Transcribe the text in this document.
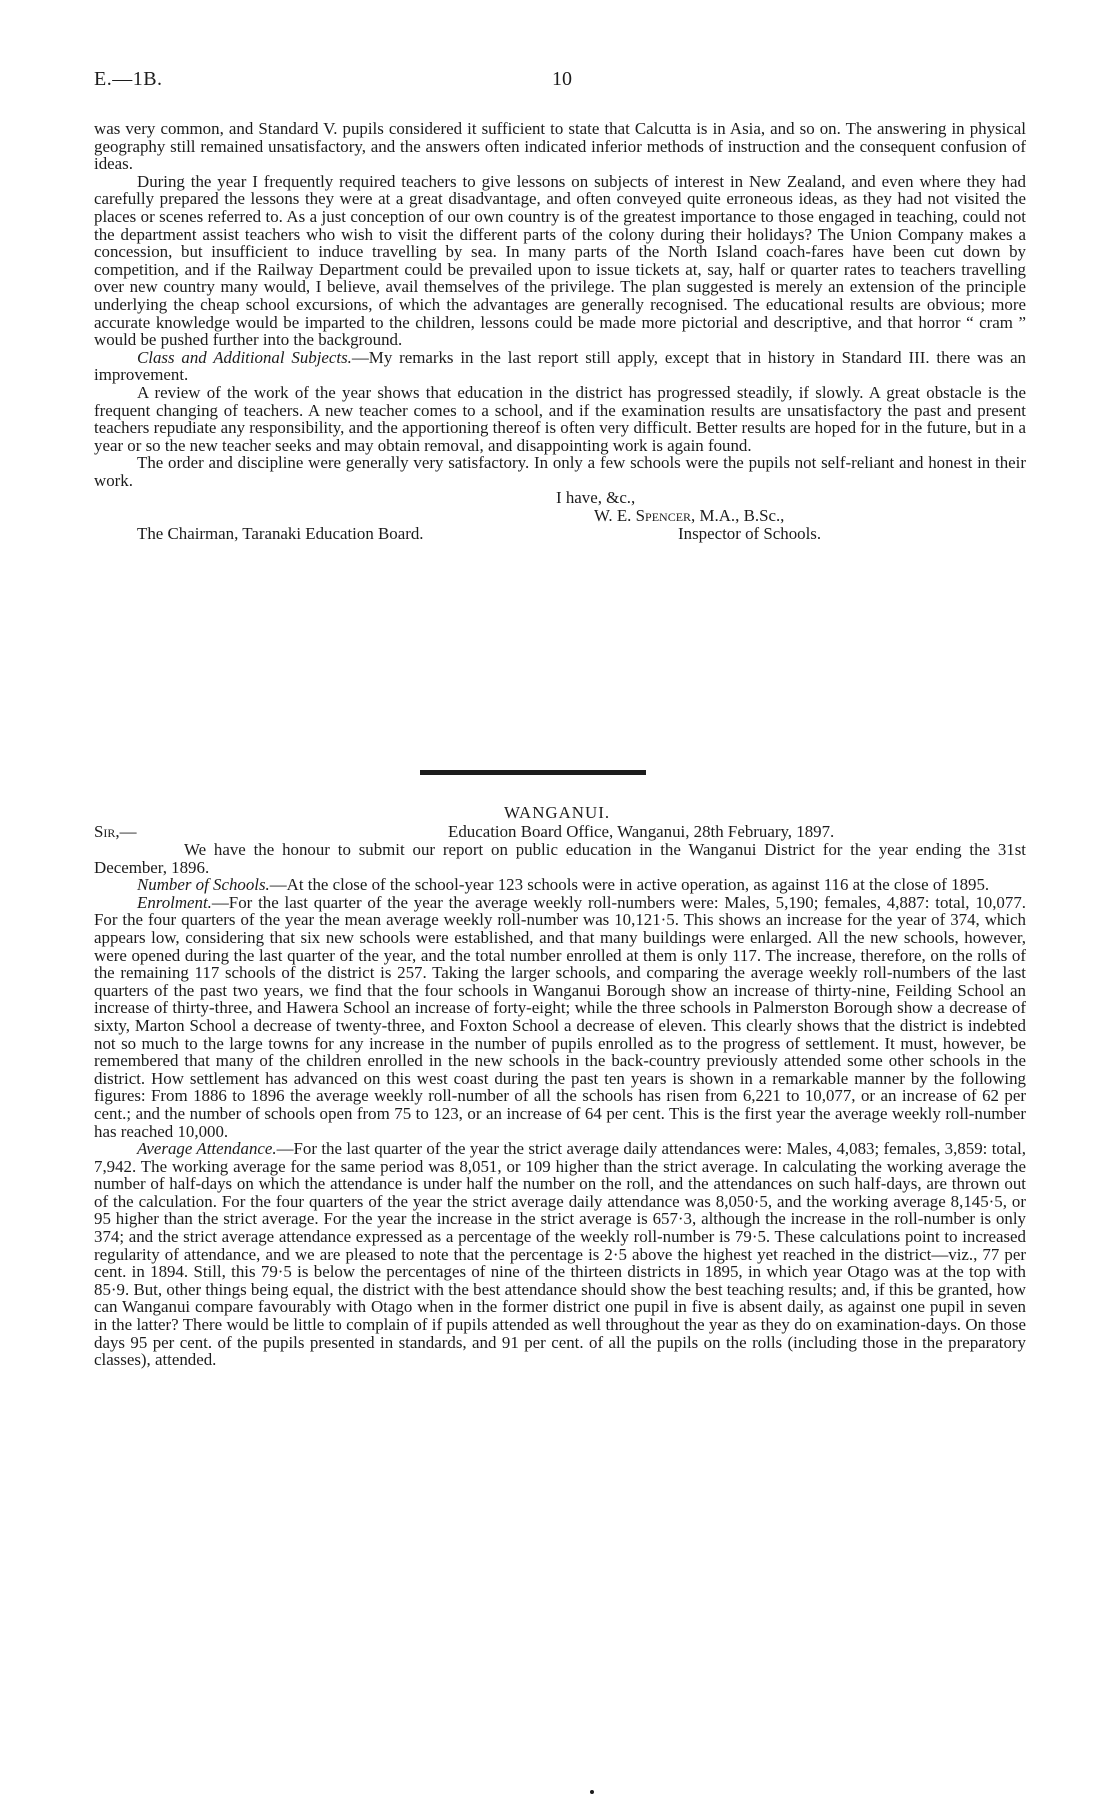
E.—1B.	10

was very common, and Standard V. pupils considered it sufficient to state that Calcutta is in Asia, and so on. The answering in physical geography still remained unsatisfactory, and the answers often indicated inferior methods of instruction and the consequent confusion of ideas.

During the year I frequently required teachers to give lessons on subjects of interest in New Zealand, and even where they had carefully prepared the lessons they were at a great disadvantage, and often conveyed quite erroneous ideas, as they had not visited the places or scenes referred to. As a just conception of our own country is of the greatest importance to those engaged in teaching, could not the department assist teachers who wish to visit the different parts of the colony during their holidays? The Union Company makes a concession, but insufficient to induce travelling by sea. In many parts of the North Island coach-fares have been cut down by competition, and if the Railway Department could be prevailed upon to issue tickets at, say, half or quarter rates to teachers travelling over new country many would, I believe, avail themselves of the privilege. The plan suggested is merely an extension of the principle underlying the cheap school excursions, of which the advantages are generally recognised. The educational results are obvious; more accurate knowledge would be imparted to the children, lessons could be made more pictorial and descriptive, and that horror “ cram ” would be pushed further into the background.

Class and Additional Subjects.—My remarks in the last report still apply, except that in history in Standard III. there was an improvement.

A review of the work of the year shows that education in the district has progressed steadily, if slowly. A great obstacle is the frequent changing of teachers. A new teacher comes to a school, and if the examination results are unsatisfactory the past and present teachers repudiate any responsibility, and the apportioning thereof is often very difficult. Better results are hoped for in the future, but in a year or so the new teacher seeks and may obtain removal, and disappointing work is again found.

The order and discipline were generally very satisfactory. In only a few schools were the pupils not self-reliant and honest in their work.

I have, &c.,
W. E. Spencer, M.A., B.Sc.,
The Chairman, Taranaki Education Board.	Inspector of Schools.
WANGANUI.
Sir,—	Education Board Office, Wanganui, 28th February, 1897.

We have the honour to submit our report on public education in the Wanganui District for the year ending the 31st December, 1896.

Number of Schools.—At the close of the school-year 123 schools were in active operation, as against 116 at the close of 1895.

Enrolment.—For the last quarter of the year the average weekly roll-numbers were: Males, 5,190; females, 4,887: total, 10,077. For the four quarters of the year the mean average weekly roll-number was 10,121·5. This shows an increase for the year of 374, which appears low, considering that six new schools were established, and that many buildings were enlarged. All the new schools, however, were opened during the last quarter of the year, and the total number enrolled at them is only 117. The increase, therefore, on the rolls of the remaining 117 schools of the district is 257. Taking the larger schools, and comparing the average weekly roll-numbers of the last quarters of the past two years, we find that the four schools in Wanganui Borough show an increase of thirty-nine, Feilding School an increase of thirty-three, and Hawera School an increase of forty-eight; while the three schools in Palmerston Borough show a decrease of sixty, Marton School a decrease of twenty-three, and Foxton School a decrease of eleven. This clearly shows that the district is indebted not so much to the large towns for any increase in the number of pupils enrolled as to the progress of settlement. It must, however, be remembered that many of the children enrolled in the new schools in the back-country previously attended some other schools in the district. How settlement has advanced on this west coast during the past ten years is shown in a remarkable manner by the following figures: From 1886 to 1896 the average weekly roll-number of all the schools has risen from 6,221 to 10,077, or an increase of 62 per cent.; and the number of schools open from 75 to 123, or an increase of 64 per cent. This is the first year the average weekly roll-number has reached 10,000.

Average Attendance.—For the last quarter of the year the strict average daily attendances were: Males, 4,083; females, 3,859: total, 7,942. The working average for the same period was 8,051, or 109 higher than the strict average. In calculating the working average the number of half-days on which the attendance is under half the number on the roll, and the attendances on such half-days, are thrown out of the calculation. For the four quarters of the year the strict average daily attendance was 8,050·5, and the working average 8,145·5, or 95 higher than the strict average. For the year the increase in the strict average is 657·3, although the increase in the roll-number is only 374; and the strict average attendance expressed as a percentage of the weekly roll-number is 79·5. These calculations point to increased regularity of attendance, and we are pleased to note that the percentage is 2·5 above the highest yet reached in the district—viz., 77 per cent. in 1894. Still, this 79·5 is below the percentages of nine of the thirteen districts in 1895, in which year Otago was at the top with 85·9. But, other things being equal, the district with the best attendance should show the best teaching results; and, if this be granted, how can Wanganui compare favourably with Otago when in the former district one pupil in five is absent daily, as against one pupil in seven in the latter? There would be little to complain of if pupils attended as well throughout the year as they do on examination-days. On those days 95 per cent. of the pupils presented in standards, and 91 per cent. of all the pupils on the rolls (including those in the preparatory classes), attended.
